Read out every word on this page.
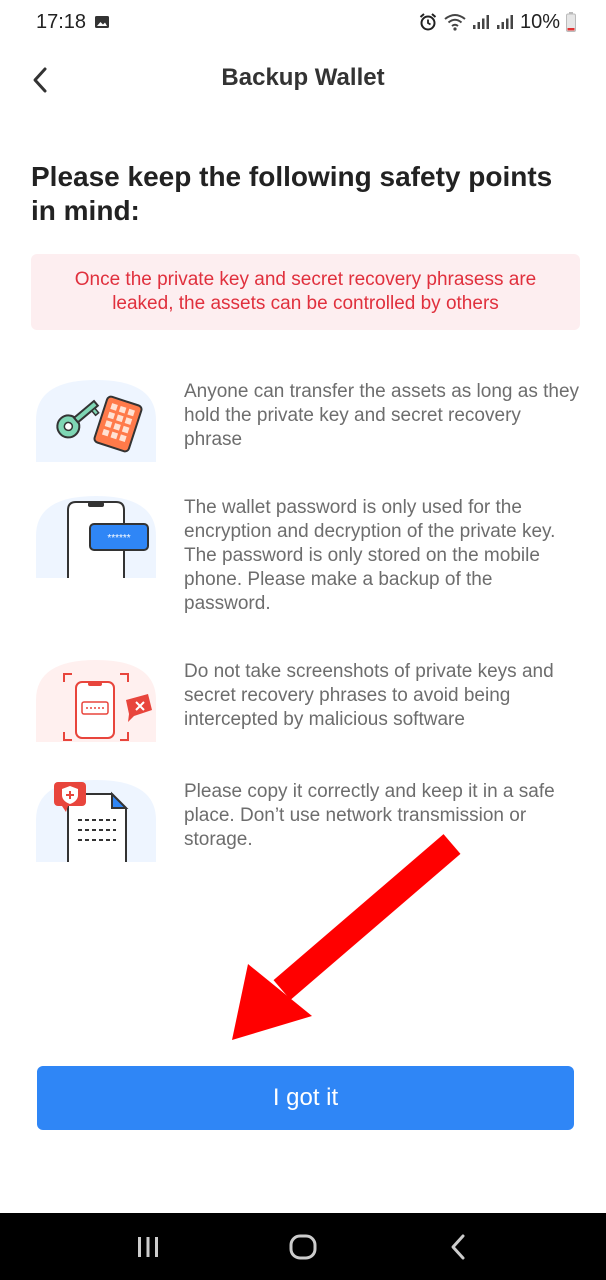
17:18	10%
Backup Wallet
Please keep the following safety points in mind:
Once the private key and secret recovery phrasess are leaked, the assets can be controlled by others
Anyone can transfer the assets as long as they hold the private key and secret recovery phrase
******
The wallet password is only used for the encryption and decryption of the private key. The password is only stored on the mobile phone. Please make a backup of the password.
Do not take screenshots of private keys and secret recovery phrases to avoid being intercepted by malicious software
Please copy it correctly and keep it in a safe place. Don’t use network transmission or storage.
I got it
